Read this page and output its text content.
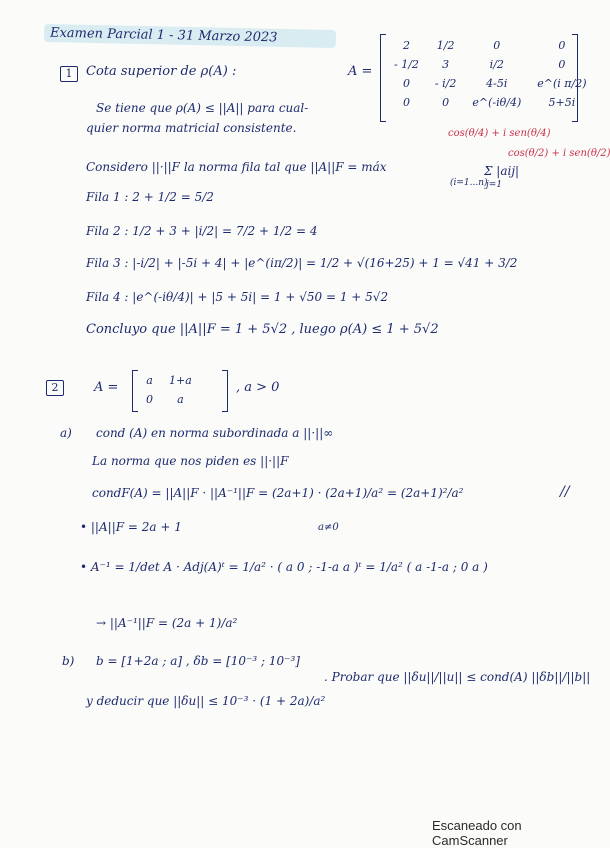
Examen Parcial 1 - 31 Marzo 2023
1	Cota superior de ρ(A) :	A =
2	1/2	0	0
- 1/2	3	i/2	0
0	- i/2	4-5i	e^(i π/2)
0	0	e^(-iθ/4)	5+5i
cos(θ/4) + i sen(θ/4)
cos(θ/2) + i sen(θ/2)
Se tiene que ρ(A) ≤ ||A|| para cual-
quier norma matricial consistente.
Considero ||·||F la norma fila tal que ||A||F = máx	Σ |aij|
(i=1...n)
j=1
Fila 1 : 2 + 1/2 = 5/2
Fila 2 : 1/2 + 3 + |i/2| = 7/2 + 1/2 = 4
Fila 3 : |-i/2| + |-5i + 4| + |e^(iπ/2)| = 1/2 + √(16+25) + 1 = √41 + 3/2
Fila 4 : |e^(-iθ/4)| + |5 + 5i| = 1 + √50 = 1 + 5√2
Concluyo que ||A||F = 1 + 5√2 , luego ρ(A) ≤ 1 + 5√2
2	A =	a	1+a
0	a
, a > 0
a) cond (A) en norma subordinada a ||·||∞
La norma que nos piden es ||·||F
condF(A) = ||A||F · ||A⁻¹||F = (2a+1) · (2a+1)/a² = (2a+1)²/a²	//
• ||A||F = 2a + 1	a≠0
• A⁻¹ = 1/det A · Adj(A)ᵗ = 1/a² · ( a 0 ; -1-a a )ᵗ = 1/a² ( a -1-a ; 0 a )
→ ||A⁻¹||F = (2a + 1)/a²
b) b = [1+2a ; a] , δb = [10⁻³ ; 10⁻³]
. Probar que ||δu||/||u|| ≤ cond(A) ||δb||/||b||
y deducir que ||δu|| ≤ 10⁻³ · (1 + 2a)/a²
Escaneado con CamScanner
